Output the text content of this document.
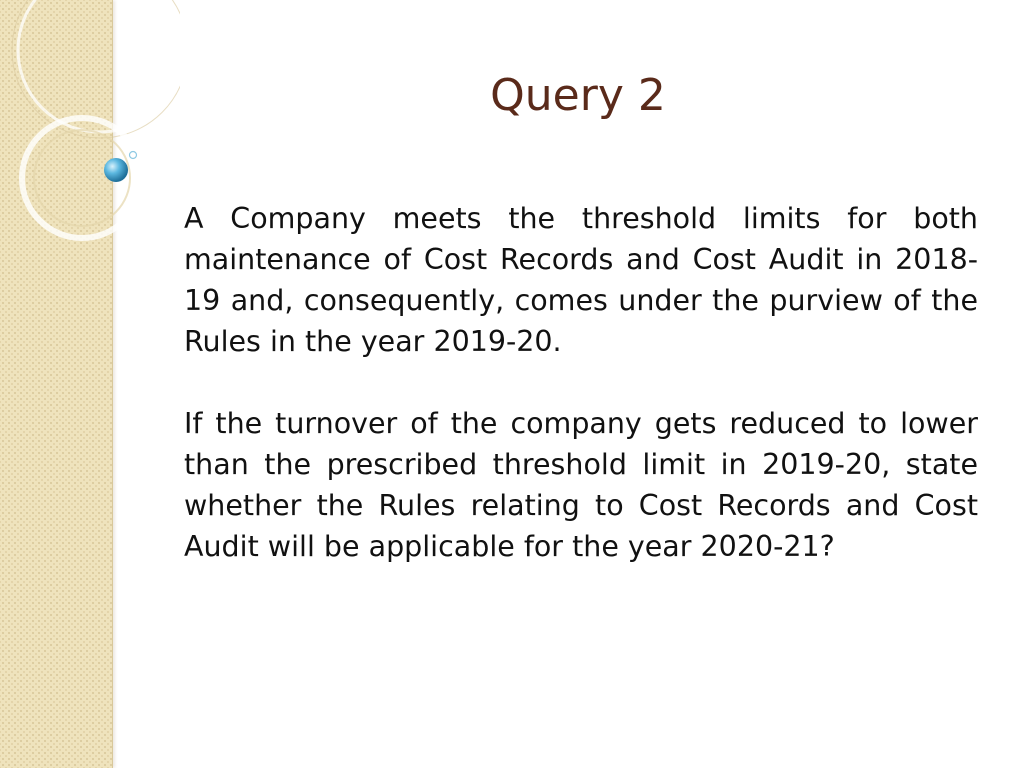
Query 2

A Company meets the threshold limits for both maintenance of Cost Records and Cost Audit in 2018-19 and, consequently, comes under the purview of the Rules in the year 2019-20.

If the turnover of the company gets reduced to lower than the prescribed threshold limit in 2019-20, state whether the Rules relating to Cost Records and Cost Audit will be applicable for the year 2020-21?
